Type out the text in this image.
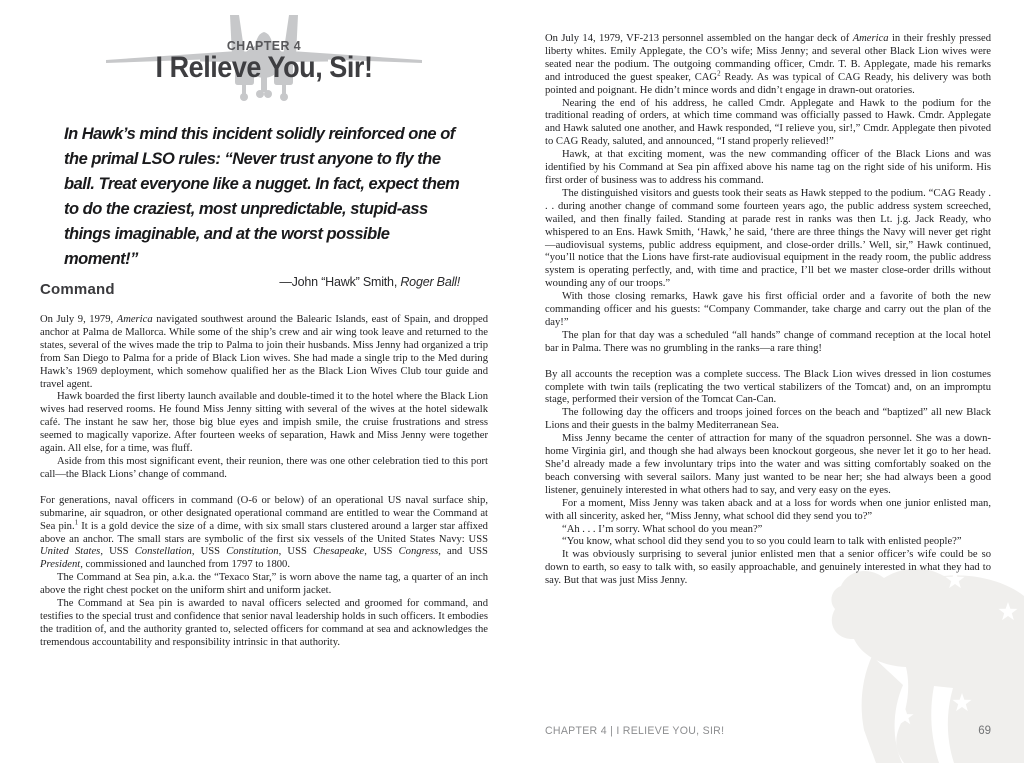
CHAPTER 4
I Relieve You, Sir!

In Hawk’s mind this incident solidly reinforced one of the primal LSO rules: “Never trust anyone to fly the ball. Treat everyone like a nugget. In fact, expect them to do the craziest, most unpredictable, stupid-ass things imaginable, and at the worst possible moment!”

—John “Hawk” Smith, Roger Ball!

Command

On July 9, 1979, America navigated southwest around the Balearic Islands, east of Spain, and dropped anchor at Palma de Mallorca. While some of the ship’s crew and air wing took leave and returned to the states, several of the wives made the trip to Palma to join their husbands. Miss Jenny had organized a trip from San Diego to Palma for a pride of Black Lion wives. She had made a single trip to the Med during Hawk’s 1969 deployment, which somehow qualified her as the Black Lion Wives Club tour guide and travel agent.

Hawk boarded the first liberty launch available and double-timed it to the hotel where the Black Lion wives had reserved rooms. He found Miss Jenny sitting with several of the wives at the hotel sidewalk café. The instant he saw her, those big blue eyes and impish smile, the cruise frustrations and stress seemed to magically vaporize. After fourteen weeks of separation, Hawk and Miss Jenny were together again. All else, for a time, was fluff.

Aside from this most significant event, their reunion, there was one other celebration tied to this port call—the Black Lions’ change of command.

For generations, naval officers in command (O-6 or below) of an operational US naval surface ship, submarine, air squadron, or other designated operational command are entitled to wear the Command at Sea pin.$^1$ It is a gold device the size of a dime, with six small stars clustered around a larger star affixed above an anchor. The small stars are symbolic of the first six vessels of the United States Navy: USS United States, USS Constellation, USS Constitution, USS Chesapeake, USS Congress, and USS President, commissioned and launched from 1797 to 1800.

The Command at Sea pin, a.k.a. the “Texaco Star,” is worn above the name tag, a quarter of an inch above the right chest pocket on the uniform shirt and uniform jacket.

The Command at Sea pin is awarded to naval officers selected and groomed for command, and testifies to the special trust and confidence that senior naval leadership holds in such officers. It embodies the tradition of, and the authority granted to, selected officers for command at sea and acknowledges the tremendous accountability and responsibility intrinsic in that authority.

On July 14, 1979, VF-213 personnel assembled on the hangar deck of America in their freshly pressed liberty whites. Emily Applegate, the CO’s wife; Miss Jenny; and several other Black Lion wives were seated near the podium. The outgoing commanding officer, Cmdr. T. B. Applegate, made his remarks and introduced the guest speaker, CAG$^2$ Ready. As was typical of CAG Ready, his delivery was both pointed and poignant. He didn’t mince words and didn’t engage in drawn-out oratories.

Nearing the end of his address, he called Cmdr. Applegate and Hawk to the podium for the traditional reading of orders, at which time command was officially passed to Hawk. Cmdr. Applegate and Hawk saluted one another, and Hawk responded, “I relieve you, sir!,” Cmdr. Applegate then pivoted to CAG Ready, saluted, and announced, “I stand properly relieved!”

Hawk, at that exciting moment, was the new commanding officer of the Black Lions and was identified by his Command at Sea pin affixed above his name tag on the right side of his uniform. His first order of business was to address his command.

The distinguished visitors and guests took their seats as Hawk stepped to the podium. “CAG Ready . . . during another change of command some fourteen years ago, the public address system screeched, wailed, and then finally failed. Standing at parade rest in ranks was then Lt. j.g. Jack Ready, who whispered to an Ens. Hawk Smith, ‘Hawk,’ he said, ‘there are three things the Navy will never get right—audiovisual systems, public address equipment, and close-order drills.’ Well, sir,” Hawk continued, “you’ll notice that the Lions have first-rate audiovisual equipment in the ready room, the public address system is operating perfectly, and, with time and practice, I’ll bet we master close-order drills without wounding any of our troops.”

With those closing remarks, Hawk gave his first official order and a favorite of both the new commanding officer and his guests: “Company Commander, take charge and carry out the plan of the day!”

The plan for that day was a scheduled “all hands” change of command reception at the local hotel bar in Palma. There was no grumbling in the ranks—a rare thing!

By all accounts the reception was a complete success. The Black Lion wives dressed in lion costumes complete with twin tails (replicating the two vertical stabilizers of the Tomcat) and, on an impromptu stage, performed their version of the Tomcat Can-Can.

The following day the officers and troops joined forces on the beach and “baptized” all new Black Lions and their guests in the balmy Mediterranean Sea.

Miss Jenny became the center of attraction for many of the squadron personnel. She was a down-home Virginia girl, and though she had always been knockout gorgeous, she never let it go to her head. She’d already made a few involuntary trips into the water and was sitting comfortably soaked on the beach conversing with several sailors. Many just wanted to be near her; she had always been a good listener, genuinely interested in what others had to say, and very easy on the eyes.

For a moment, Miss Jenny was taken aback and at a loss for words when one junior enlisted man, with all sincerity, asked her, “Miss Jenny, what school did they send you to?”

“Ah . . . I’m sorry. What school do you mean?”

“You know, what school did they send you to so you could learn to talk with enlisted people?”

It was obviously surprising to several junior enlisted men that a senior officer’s wife could be so down to earth, so easy to talk with, so easily approachable, and genuinely interested in what they had to say. But that was just Miss Jenny.

CHAPTER 4 | I RELIEVE YOU, SIR!	69
